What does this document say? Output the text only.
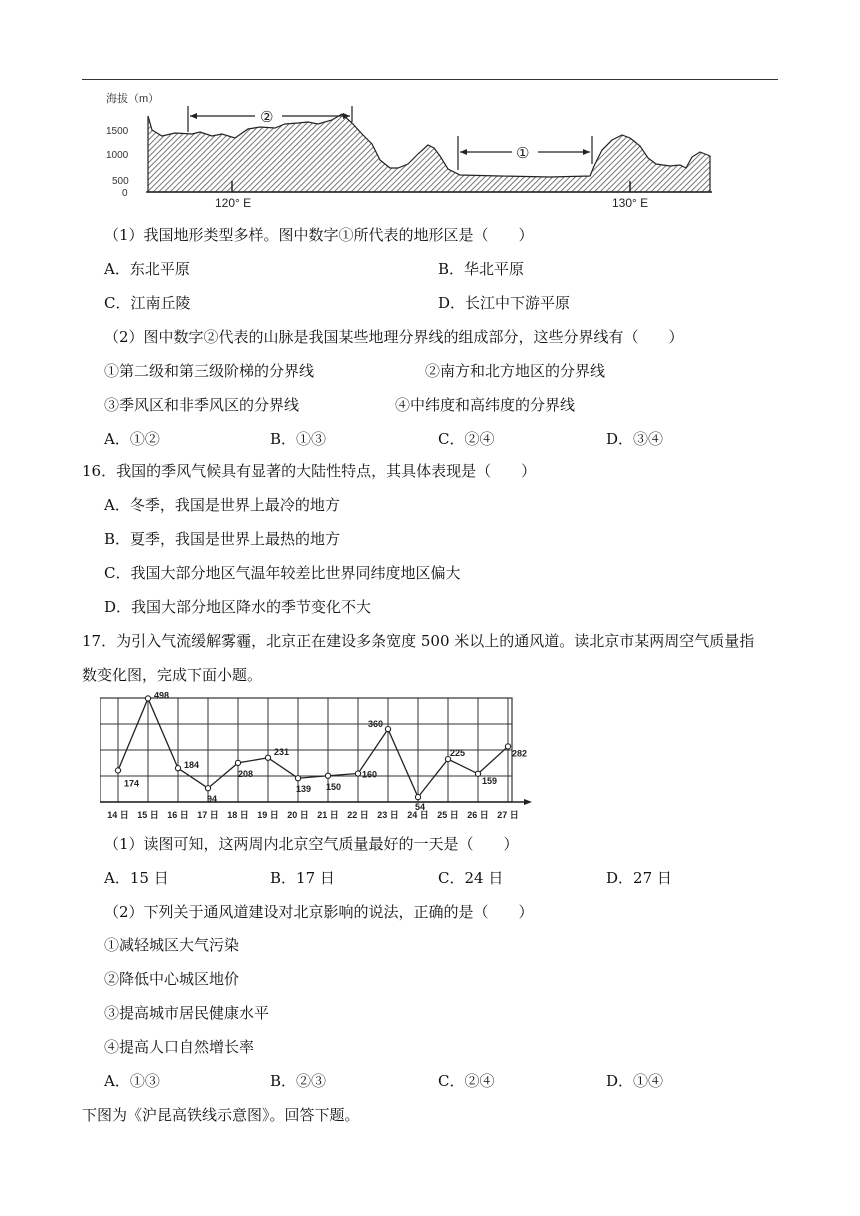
海拔（m）
1500
1000
500
0
120° E	130° E
②
①
（1）我国地形类型多样。图中数字①所代表的地形区是（　　）
A．东北平原	B．华北平原
C．江南丘陵	D．长江中下游平原
（2）图中数字②代表的山脉是我国某些地理分界线的组成部分，这些分界线有（　　）
①第二级和第三级阶梯的分界线	②南方和北方地区的分界线
③季风区和非季风区的分界线	④中纬度和高纬度的分界线
A．①②	B．①③	C．②④	D．③④
16．我国的季风气候具有显著的大陆性特点，其具体表现是（　　）
A．冬季，我国是世界上最冷的地方
B．夏季，我国是世界上最热的地方
C．我国大部分地区气温年较差比世界同纬度地区偏大
D．我国大部分地区降水的季节变化不大
17．为引入气流缓解雾霾，北京正在建设多条宽度 500 米以上的通风道。读北京市某两周空气质量指
数变化图，完成下面小题。
174
498
184
94
208
231
139 150
160
360
54
225
159
282
14 日 15 日 16 日 17 日 18 日 19 日 20 日 21 日 22 日 23 日 24 日 25 日 26 日 27 日
（1）读图可知，这两周内北京空气质量最好的一天是（　　）
A．15 日	B．17 日	C．24 日	D．27 日
（2）下列关于通风道建设对北京影响的说法，正确的是（　　）
①减轻城区大气污染
②降低中心城区地价
③提高城市居民健康水平
④提高人口自然增长率
A．①③	B．②③	C．②④	D．①④
下图为《沪昆高铁线示意图》。回答下题。
